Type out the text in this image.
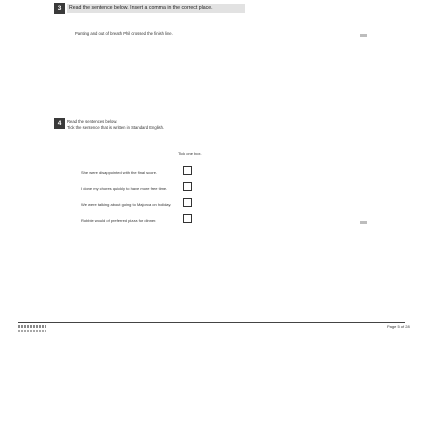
3	Read the sentence below. Insert a comma in the correct place.
Panting and out of breath Phil crossed the finish line.
4	Read the sentences below.
Tick the sentence that is written in Standard English.
Tick one box.
She were disappointed with the final score.
I done my chores quickly to have more free time.
We were talking about going to Majorca on holiday.
Robbie would of preferred pizza for dinner.
Page 5 of 28
